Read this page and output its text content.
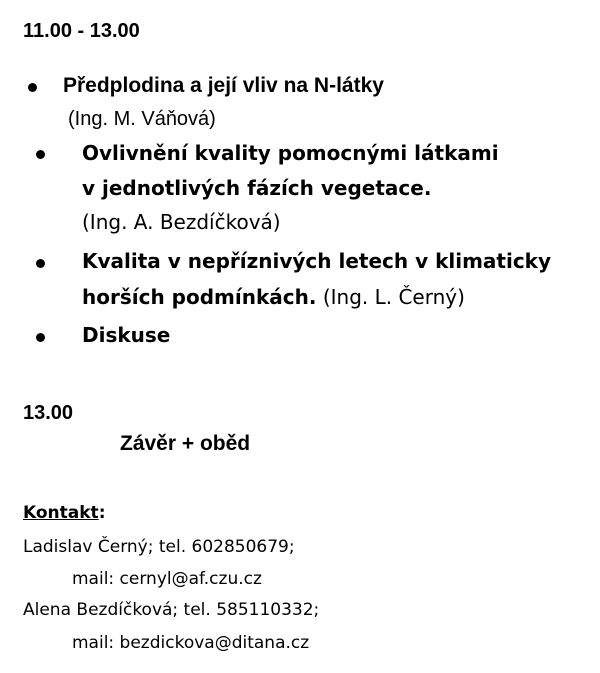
11.00 - 13.00
Předplodina a její vliv na N-látky
(Ing. M. Váňová)
Ovlivnění kvality pomocnými látkami
v jednotlivých fázích vegetace.
(Ing. A. Bezdíčková)
Kvalita v nepříznivých letech v klimaticky
horších podmínkách. (Ing. L. Černý)
Diskuse
13.00
Závěr + oběd
Kontakt:
Ladislav Černý; tel. 602850679;
mail: cernyl@af.czu.cz
Alena Bezdíčková; tel. 585110332;
mail: bezdickova@ditana.cz
